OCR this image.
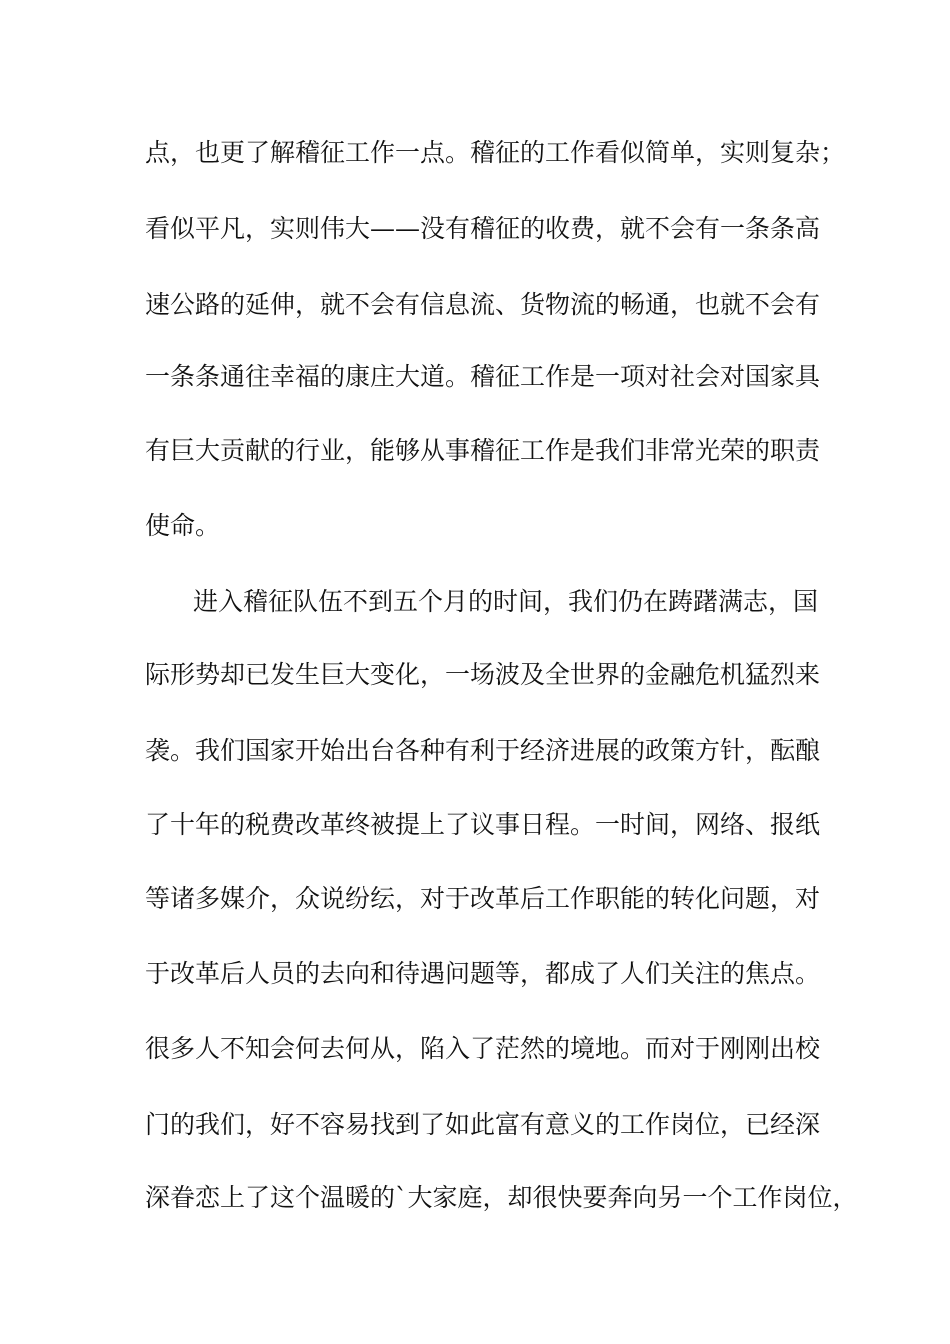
点，也更了解稽征工作一点。稽征的工作看似简单，实则复杂；
看似平凡，实则伟大——没有稽征的收费，就不会有一条条高
速公路的延伸，就不会有信息流、货物流的畅通，也就不会有
一条条通往幸福的康庄大道。稽征工作是一项对社会对国家具
有巨大贡献的行业，能够从事稽征工作是我们非常光荣的职责
使命。
进入稽征队伍不到五个月的时间，我们仍在踌躇满志，国
际形势却已发生巨大变化，一场波及全世界的金融危机猛烈来
袭。我们国家开始出台各种有利于经济进展的政策方针，酝酿
了十年的税费改革终被提上了议事日程。一时间，网络、报纸
等诸多媒介，众说纷纭，对于改革后工作职能的转化问题，对
于改革后人员的去向和待遇问题等，都成了人们关注的焦点。
很多人不知会何去何从，陷入了茫然的境地。而对于刚刚出校
门的我们，好不容易找到了如此富有意义的工作岗位，已经深
深眷恋上了这个温暖的`大家庭，却很快要奔向另一个工作岗位，
